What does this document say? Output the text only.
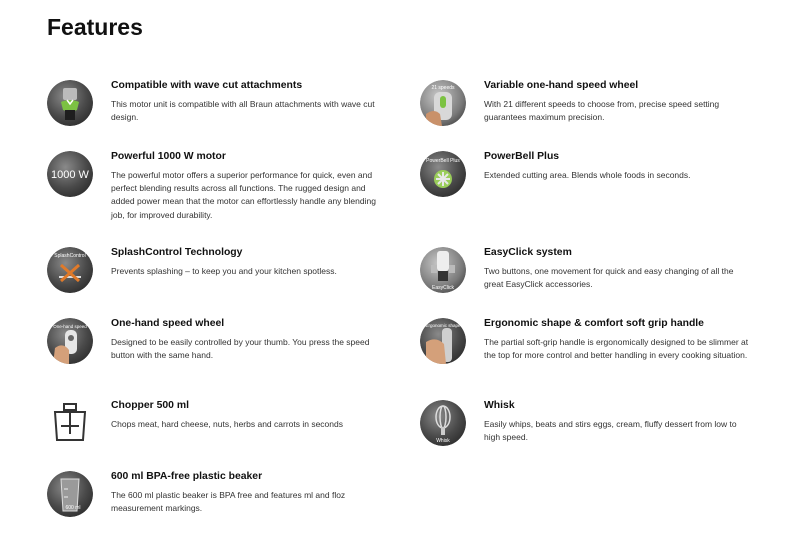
Features
Compatible with wave cut attachments
This motor unit is compatible with all Braun attachments with wave cut design.
21 speeds	Variable one-hand speed wheel
With 21 different speeds to choose from, precise speed setting guarantees maximum precision.
1000 W
Powerful 1000 W motor
The powerful motor offers a superior performance for quick, even and perfect blending results across all functions. The rugged design and added power mean that the motor can effortlessly handle any blending job, for improved durability.
PowerBell Plus PowerBell Plus
Extended cutting area. Blends whole foods in seconds.
SplashControl SplashControl Technology
Prevents splashing – to keep you and your kitchen spotless.
EasyClick
EasyClick system
Two buttons, one movement for quick and easy changing of all the great EasyClick accessories.
One-hand speed One-hand speed wheel
Designed to be easily controlled by your thumb. You press the speed button with the same hand.
Ergonomic shape Ergonomic shape & comfort soft grip handle
The partial soft-grip handle is ergonomically designed to be slimmer at the top for more control and better handling in every cooking situation.
Chopper 500 ml
Chops meat, hard cheese, nuts, herbs and carrots in seconds
Whisk
Whisk
Easily whips, beats and stirs eggs, cream, fluffy dessert from low to high speed.
600 ml
600 ml BPA-free plastic beaker
The 600 ml plastic beaker is BPA free and features ml and floz measurement markings.
